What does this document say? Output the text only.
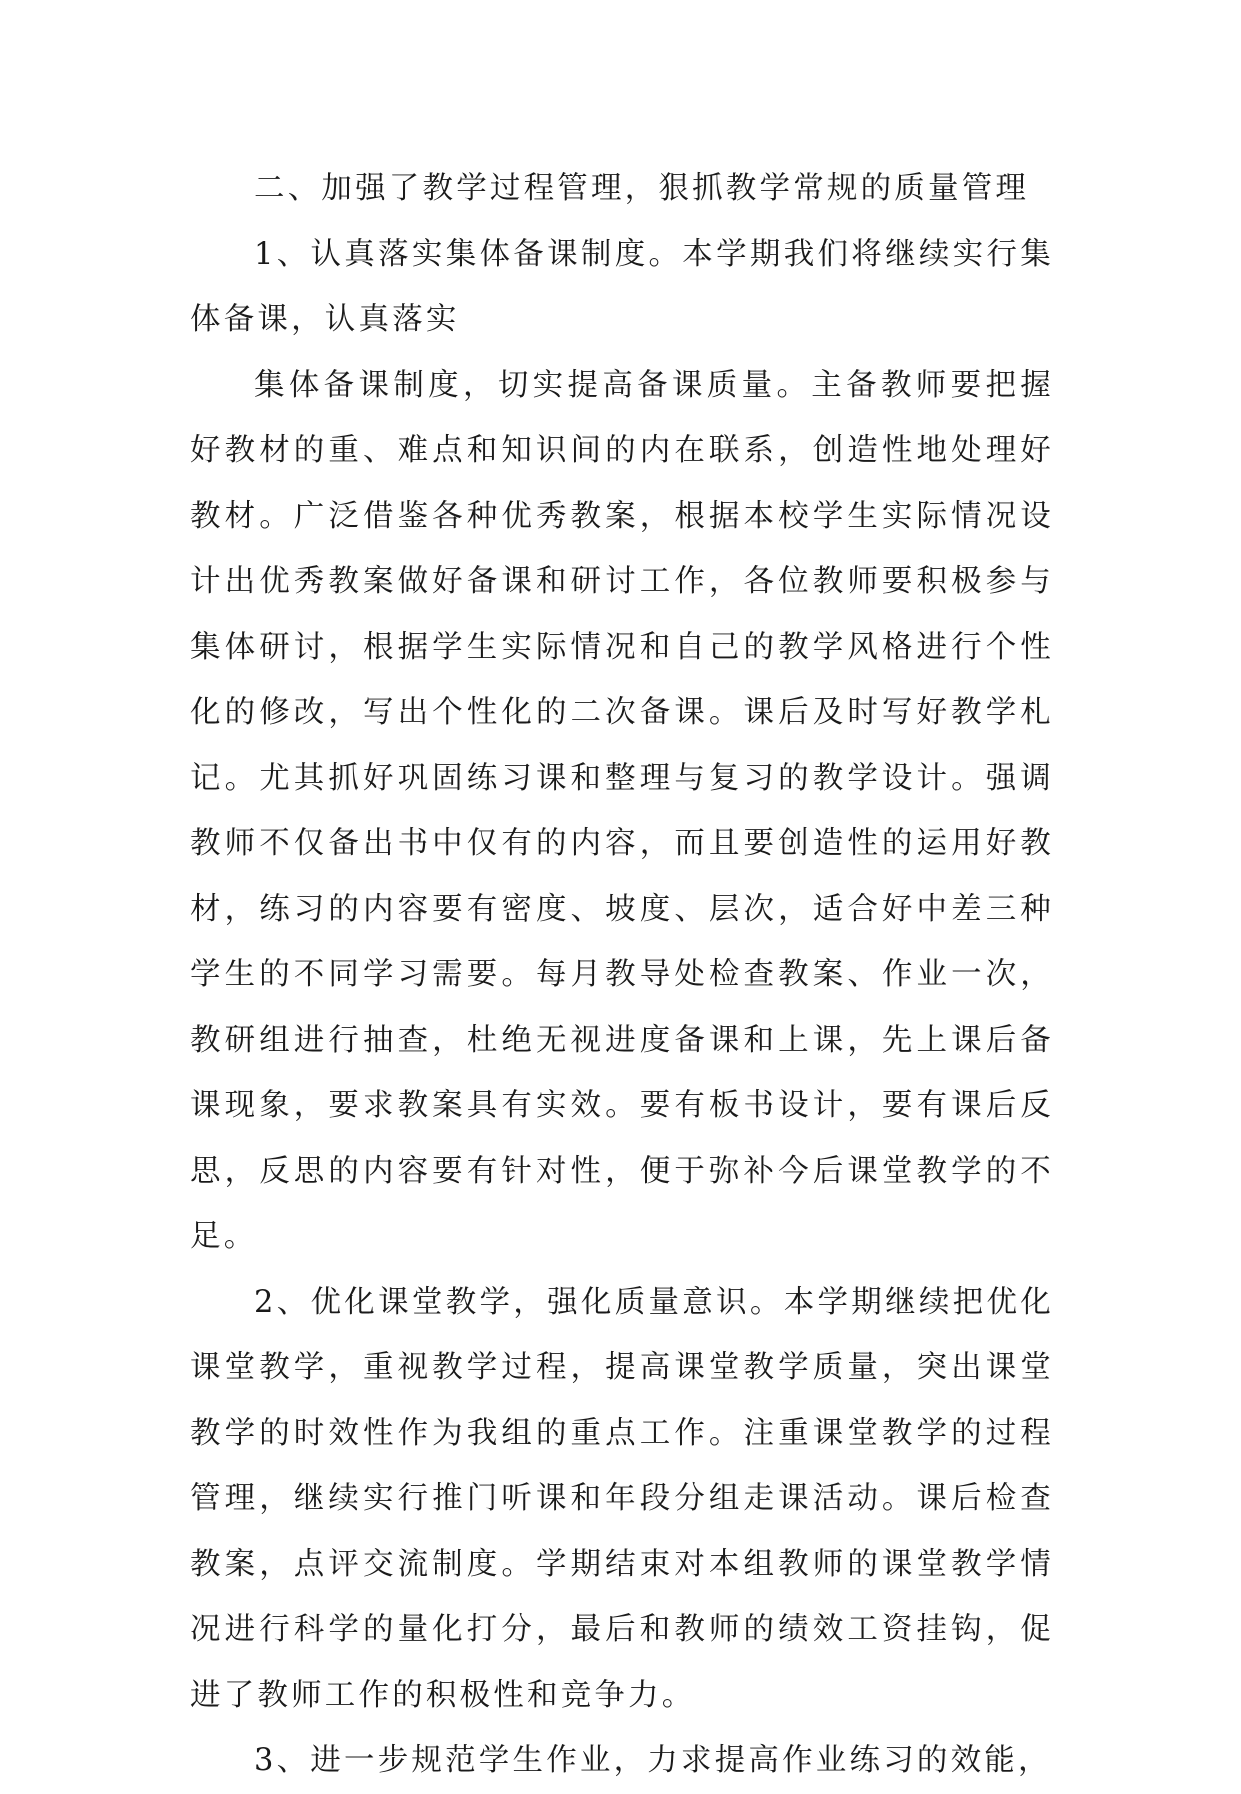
二、加强了教学过程管理，狠抓教学常规的质量管理

1、认真落实集体备课制度。本学期我们将继续实行集体备课，认真落实

集体备课制度，切实提高备课质量。主备教师要把握好教材的重、难点和知识间的内在联系，创造性地处理好教材。广泛借鉴各种优秀教案，根据本校学生实际情况设计出优秀教案做好备课和研讨工作，各位教师要积极参与集体研讨，根据学生实际情况和自己的教学风格进行个性化的修改，写出个性化的二次备课。课后及时写好教学札记。尤其抓好巩固练习课和整理与复习的教学设计。强调教师不仅备出书中仅有的内容，而且要创造性的运用好教材，练习的内容要有密度、坡度、层次，适合好中差三种学生的不同学习需要。每月教导处检查教案、作业一次，教研组进行抽查，杜绝无视进度备课和上课，先上课后备课现象，要求教案具有实效。要有板书设计，要有课后反思，反思的内容要有针对性，便于弥补今后课堂教学的不足。

2、优化课堂教学，强化质量意识。本学期继续把优化课堂教学，重视教学过程，提高课堂教学质量，突出课堂教学的时效性作为我组的重点工作。注重课堂教学的过程管理，继续实行推门听课和年段分组走课活动。课后检查教案，点评交流制度。学期结束对本组教师的课堂教学情况进行科学的量化打分，最后和教师的绩效工资挂钩，促进了教师工作的积极性和竞争力。

3、进一步规范学生作业，力求提高作业练习的效能，
